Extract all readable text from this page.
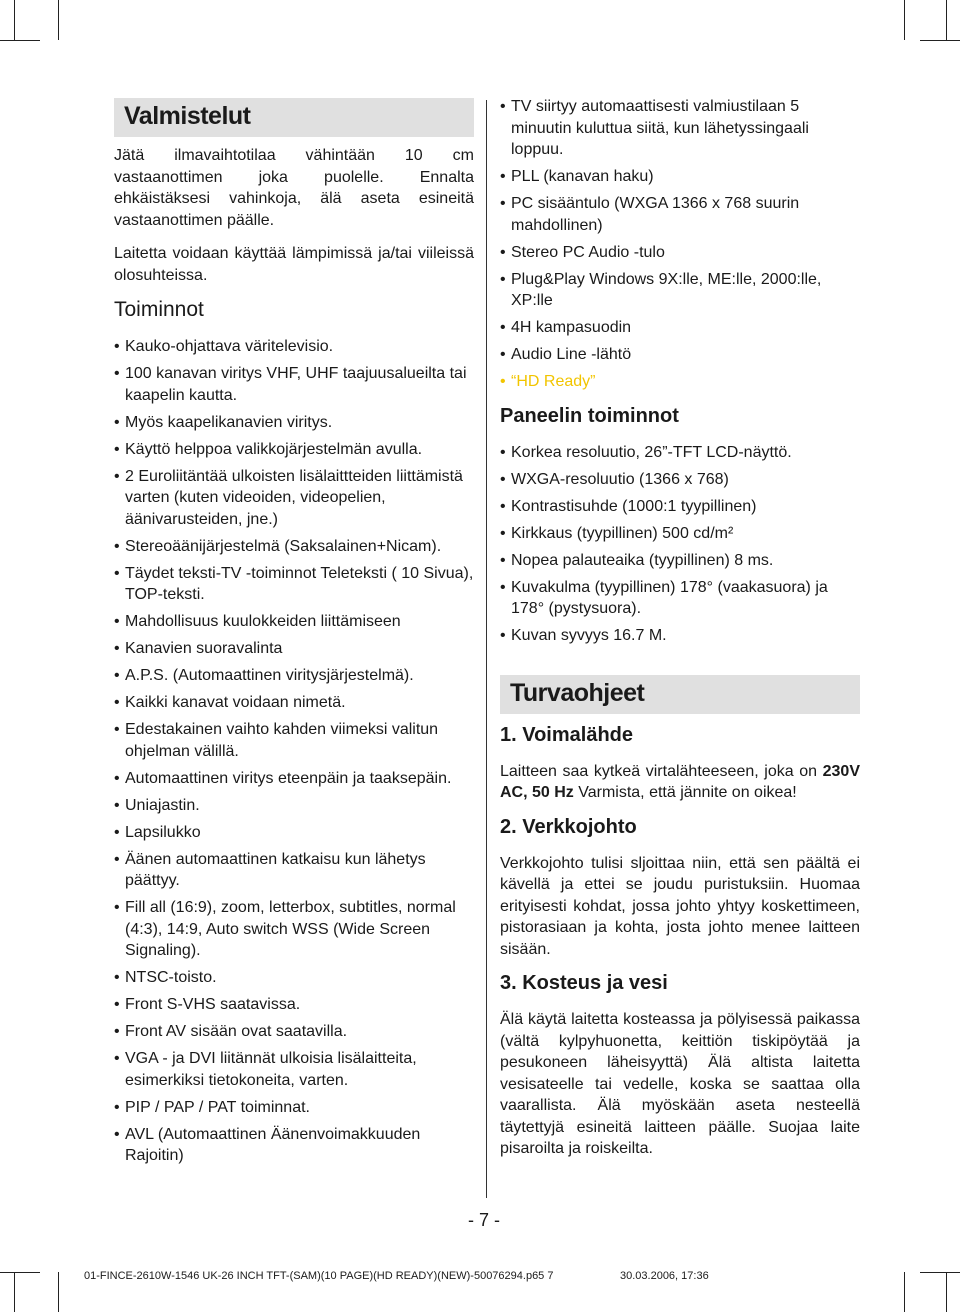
Valmistelut

Jätä ilmavaihtotilaa vähintään 10 cm vastaanottimen joka puolelle. Ennalta ehkäistäksesi vahinkoja, älä aseta esineitä vastaanottimen päälle.

Laitetta voidaan käyttää lämpimissä ja/tai viileissä olosuhteissa.

Toiminnot
• Kauko-ohjattava väritelevisio.
• 100 kanavan viritys VHF, UHF taajuusalueilta tai kaapelin kautta.
• Myös kaapelikanavien viritys.
• Käyttö helppoa valikkojärjestelmän avulla.
• 2 Euroliitäntää ulkoisten lisälaittteiden liittämistä varten (kuten videoiden, videopelien, äänivarusteiden, jne.)
• Stereoäänijärjestelmä (Saksalainen+Nicam).
• Täydet teksti-TV -toiminnot Teleteksti ( 10 Sivua), TOP-teksti.
• Mahdollisuus kuulokkeiden liittämiseen
• Kanavien suoravalinta
• A.P.S. (Automaattinen viritysjärjestelmä).
• Kaikki kanavat voidaan nimetä.
• Edestakainen vaihto kahden viimeksi valitun ohjelman välillä.
• Automaattinen viritys eteenpäin ja taaksepäin.
• Uniajastin.
• Lapsilukko
• Äänen automaattinen katkaisu kun lähetys päättyy.
• Fill all (16:9), zoom, letterbox, subtitles, normal (4:3), 14:9, Auto switch WSS (Wide Screen Signaling).
• NTSC-toisto.
• Front S-VHS saatavissa.
• Front AV sisään ovat saatavilla.
• VGA - ja DVI liitännät ulkoisia lisälaitteita, esimerkiksi tietokoneita, varten.
• PIP / PAP / PAT toiminnat.
• AVL (Automaattinen Äänenvoimakkuuden Rajoitin)
• TV siirtyy automaattisesti valmiustilaan 5 minuutin kuluttua siitä, kun lähetyssingaali loppuu.
• PLL (kanavan haku)
• PC sisääntulo (WXGA 1366 x 768 suurin mahdollinen)
• Stereo PC Audio -tulo
• Plug&Play Windows 9X:lle, ME:lle, 2000:lle, XP:lle
• 4H kampasuodin
• Audio Line -lähtö
• “HD Ready”
Paneelin toiminnot
• Korkea resoluutio, 26”-TFT LCD-näyttö.
• WXGA-resoluutio (1366 x 768)
• Kontrastisuhde (1000:1 tyypillinen)
• Kirkkaus (tyypillinen) 500 cd/m²
• Nopea palauteaika (tyypillinen) 8 ms.
• Kuvakulma (tyypillinen) 178° (vaakasuora) ja 178° (pystysuora).
• Kuvan syvyys 16.7 M.
Turvaohjeet
1. Voimalähde

Laitteen saa kytkeä virtalähteeseen, joka on 230V AC, 50 Hz Varmista, että jännite on oikea!

2. Verkkojohto

Verkkojohto tulisi sljoittaa niin, että sen päältä ei kävellä ja ettei se joudu puristuksiin. Huomaa erityisesti kohdat, jossa johto yhtyy koskettimeen, pistorasiaan ja kohta, josta johto menee laitteen sisään.

3. Kosteus ja vesi

Älä käytä laitetta kosteassa ja pölyisessä paikassa (vältä kylpyhuonetta, keittiön tiskipöytää ja pesukoneen läheisyyttä) Älä altista laitetta vesisateelle tai vedelle, koska se saattaa olla vaarallista. Älä myöskään aseta nesteellä täytettyjä esineitä laitteen päälle. Suojaa laite pisaroilta ja roiskeilta.

- 7 -
01-FINCE-2610W-1546 UK-26 INCH TFT-(SAM)(10 PAGE)(HD READY)(NEW)-50076294.p65 7	30.03.2006, 17:36
